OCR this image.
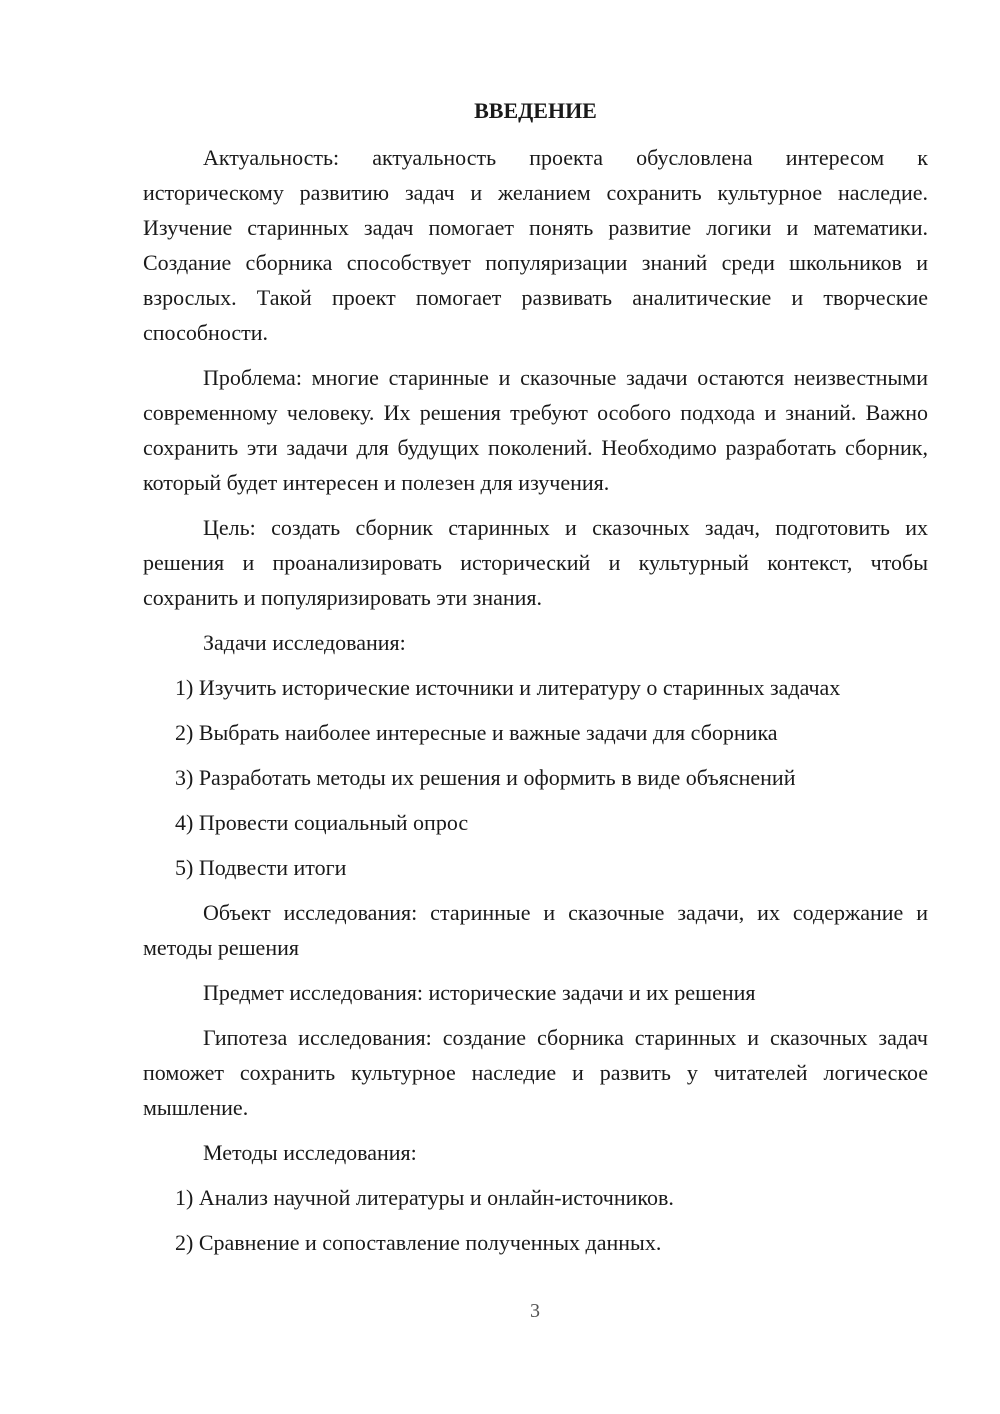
ВВЕДЕНИЕ

Актуальность: актуальность проекта обусловлена интересом к историческому развитию задач и желанием сохранить культурное наследие. Изучение старинных задач помогает понять развитие логики и математики. Создание сборника способствует популяризации знаний среди школьников и взрослых. Такой проект помогает развивать аналитические и творческие способности.

Проблема: многие старинные и сказочные задачи остаются неизвестными современному человеку. Их решения требуют особого подхода и знаний. Важно сохранить эти задачи для будущих поколений. Необходимо разработать сборник, который будет интересен и полезен для изучения.

Цель: создать сборник старинных и сказочных задач, подготовить их решения и проанализировать исторический и культурный контекст, чтобы сохранить и популяризировать эти знания.

Задачи исследования:

1) Изучить исторические источники и литературу о старинных задачах
2) Выбрать наиболее интересные и важные задачи для сборника
3) Разработать методы их решения и оформить в виде объяснений
4) Провести социальный опрос
5) Подвести итоги

Объект исследования: старинные и сказочные задачи, их содержание и методы решения

Предмет исследования: исторические задачи и их решения

Гипотеза исследования: создание сборника старинных и сказочных задач поможет сохранить культурное наследие и развить у читателей логическое мышление.

Методы исследования:

1) Анализ научной литературы и онлайн-источников.
2) Сравнение и сопоставление полученных данных.
3
